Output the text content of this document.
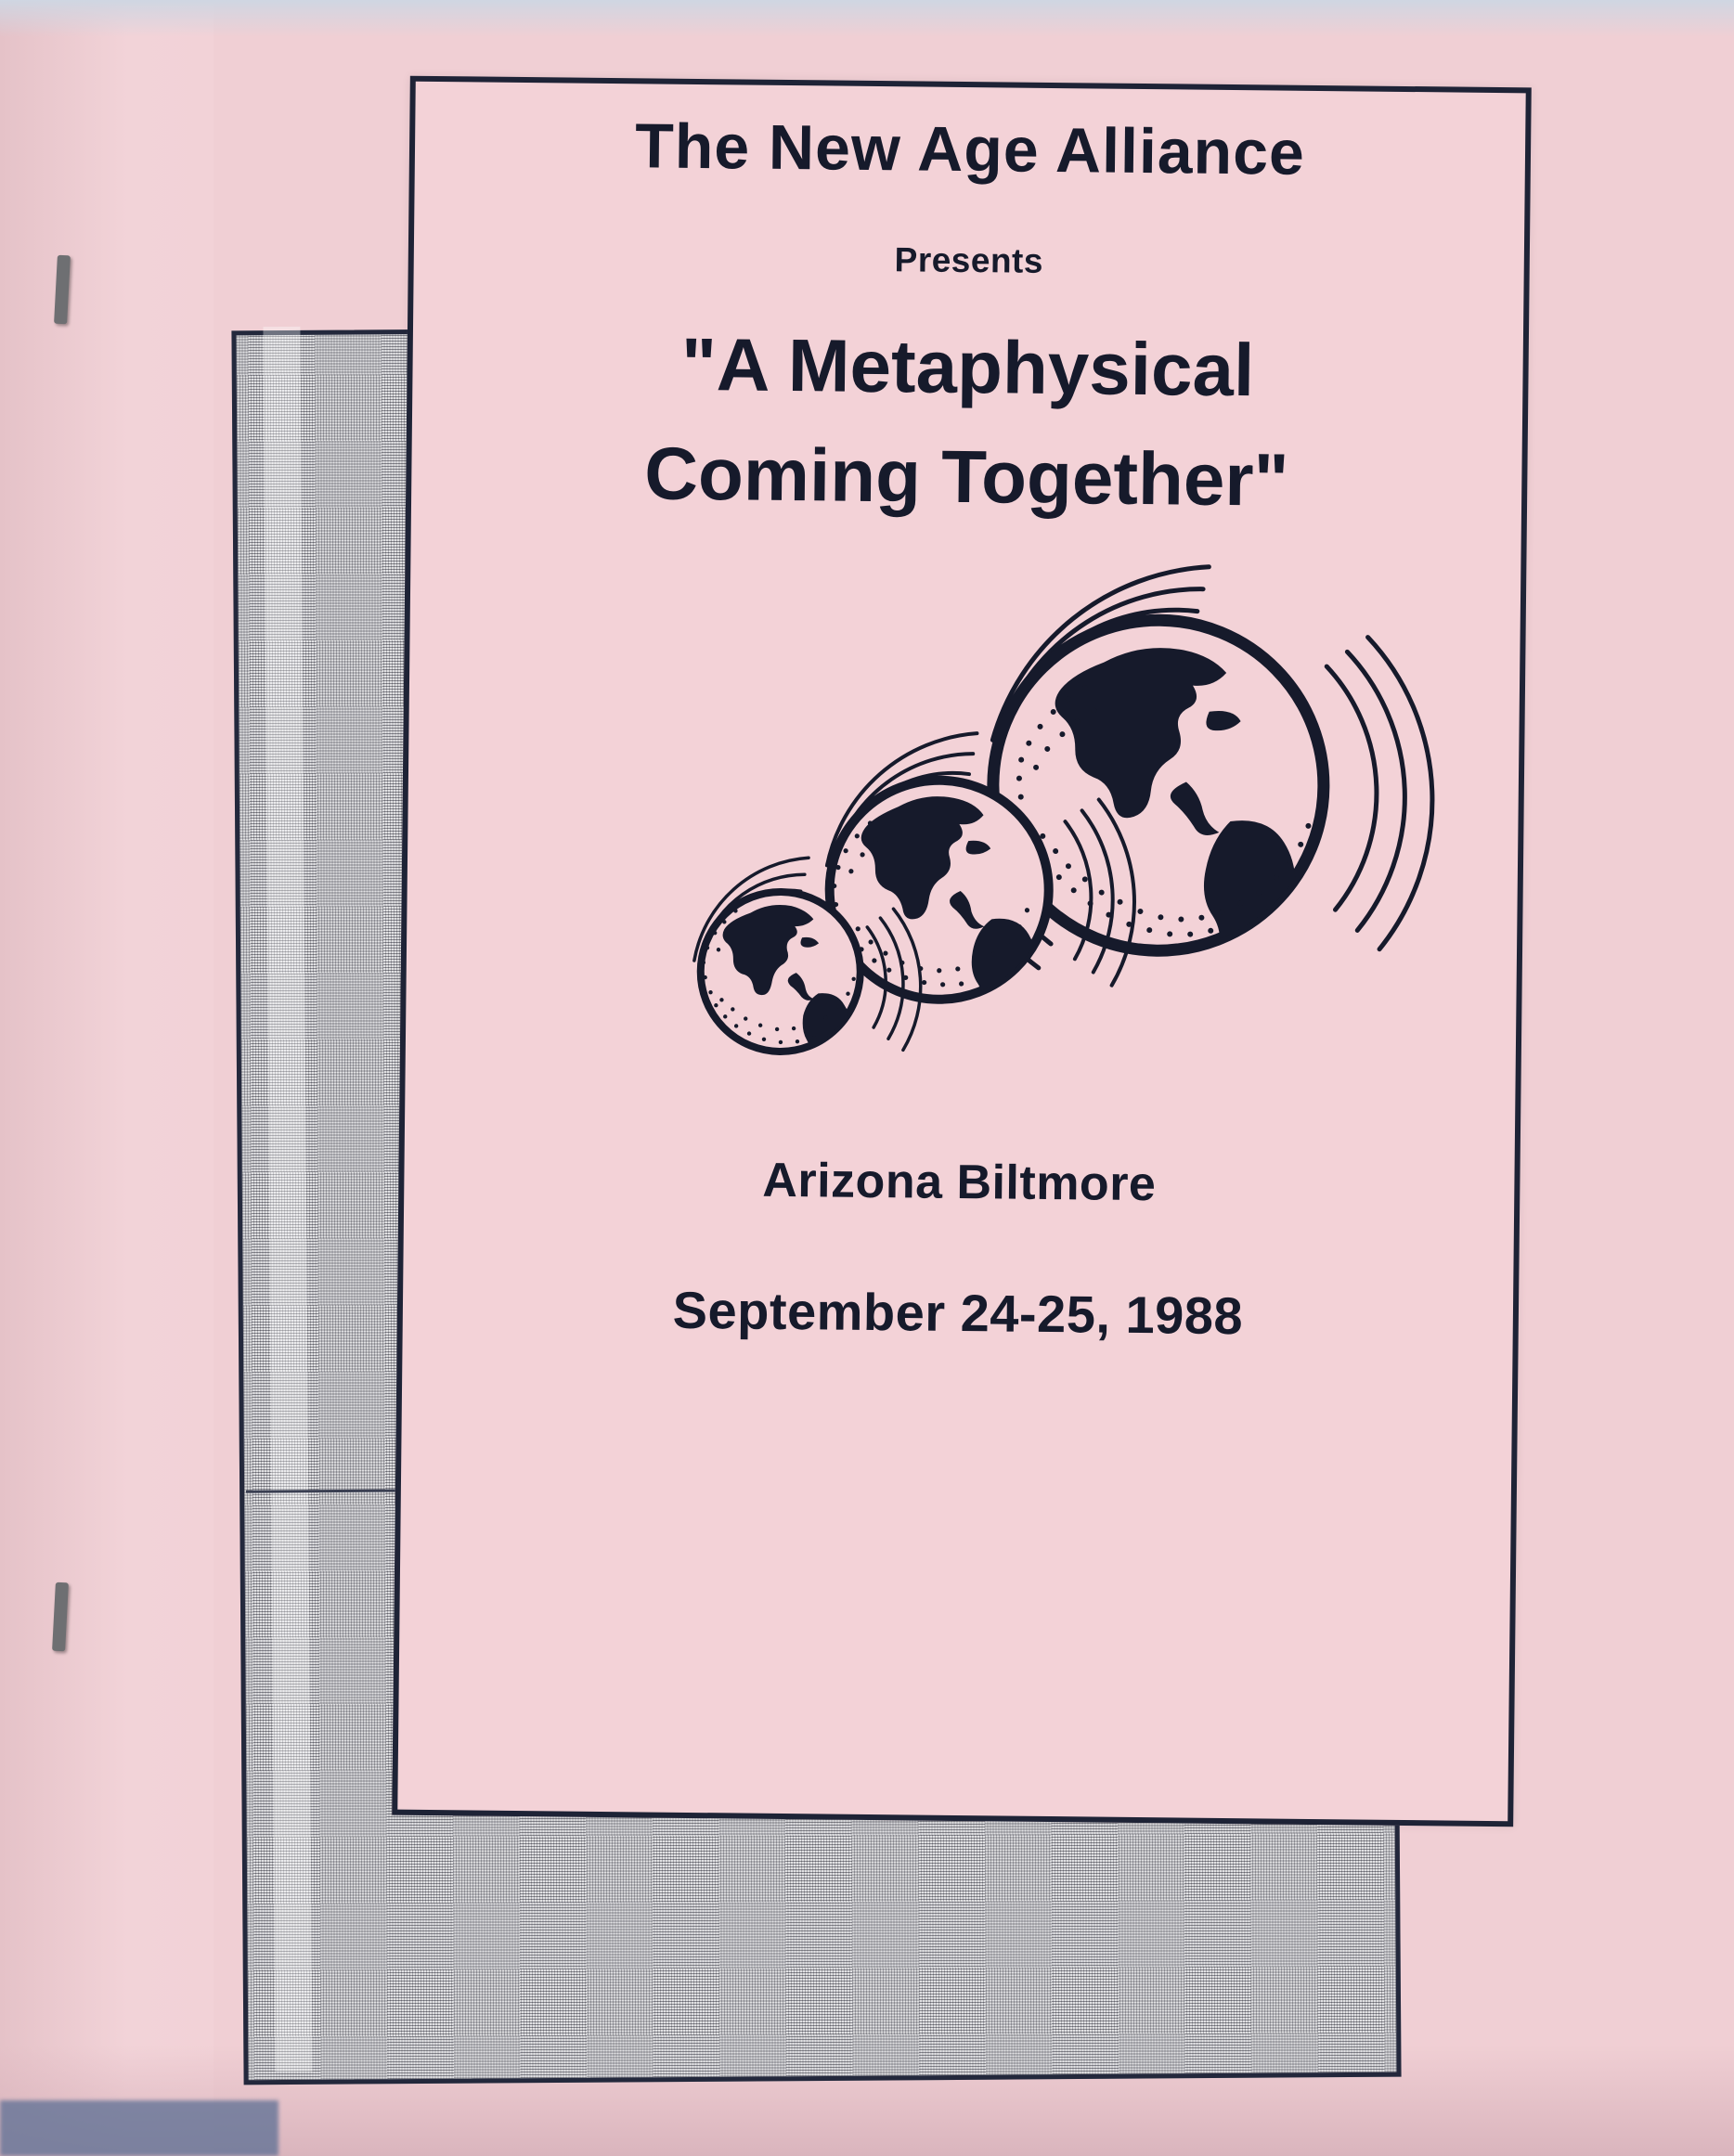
The New Age Alliance
Presents
"A Metaphysical
Coming Together"
Arizona Biltmore
September 24-25, 1988
